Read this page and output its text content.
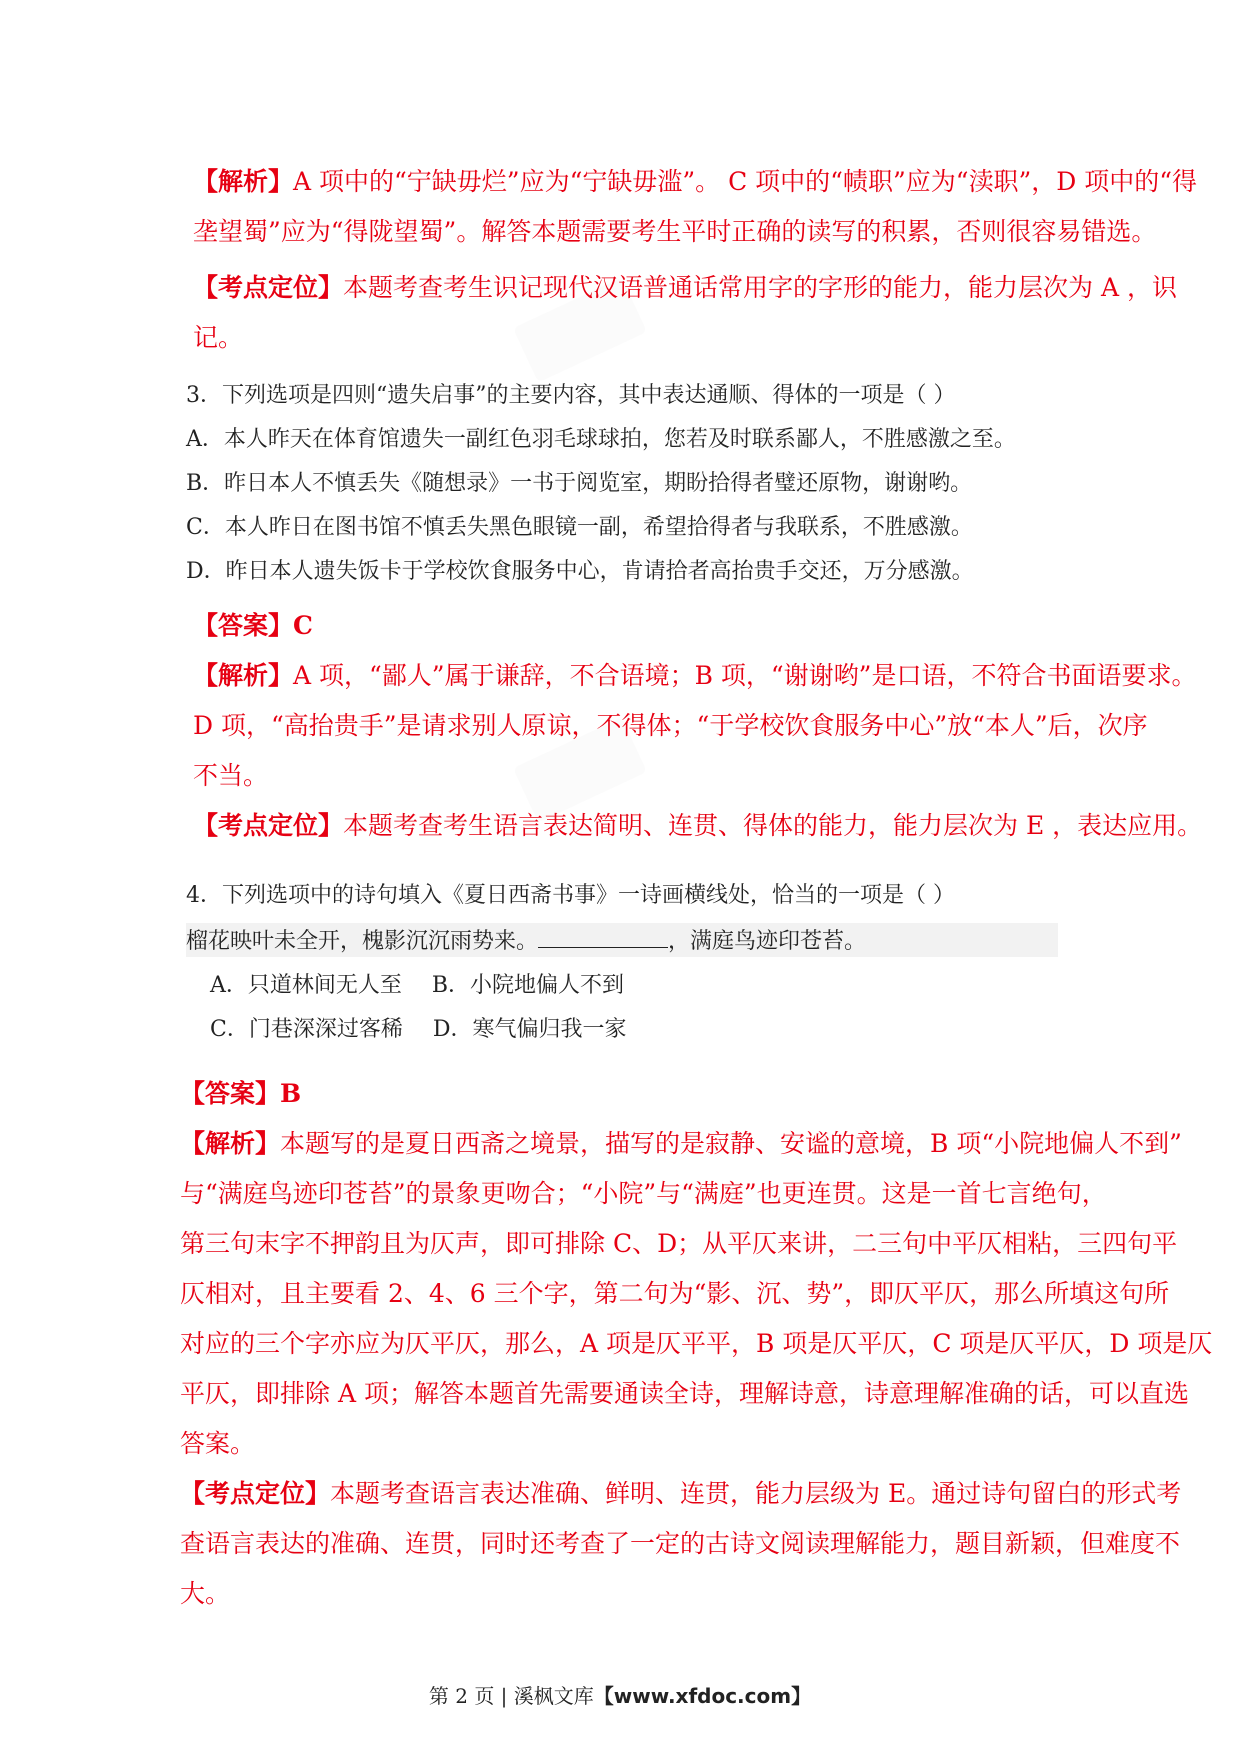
【解析】A 项中的“宁缺毋烂”应为“宁缺毋滥”。 C 项中的“帻职”应为“渎职”，D 项中的“得
垄望蜀”应为“得陇望蜀”。解答本题需要考生平时正确的读写的积累，否则很容易错选。
【考点定位】本题考查考生识记现代汉语普通话常用字的字形的能力，能力层次为 A ，识
记。
3．下列选项是四则“遗失启事”的主要内容，其中表达通顺、得体的一项是（ ）
A．本人昨天在体育馆遗失一副红色羽毛球球拍，您若及时联系鄙人，不胜感激之至。
B．昨日本人不慎丢失《随想录》一书于阅览室，期盼拾得者璧还原物，谢谢哟。
C．本人昨日在图书馆不慎丢失黑色眼镜一副，希望拾得者与我联系，不胜感激。
D．昨日本人遗失饭卡于学校饮食服务中心，肯请拾者高抬贵手交还，万分感激。
【答案】C
【解析】A 项，“鄙人”属于谦辞，不合语境；B 项，“谢谢哟”是口语，不符合书面语要求。
D 项，“高抬贵手”是请求别人原谅，不得体；“于学校饮食服务中心”放“本人”后，次序
不当。
【考点定位】本题考查考生语言表达简明、连贯、得体的能力，能力层次为 E ，表达应用。
4．下列选项中的诗句填入《夏日西斋书事》一诗画横线处，恰当的一项是（ ）
榴花映叶未全开，槐影沉沉雨势来。	，满庭鸟迹印苍苔。
A．只道林间无人至 B．小院地偏人不到
C．门巷深深过客稀 D．寒气偏归我一家
【答案】B
【解析】本题写的是夏日西斋之境景，描写的是寂静、安谧的意境，B 项“小院地偏人不到”
与“满庭鸟迹印苍苔”的景象更吻合；“小院”与“满庭”也更连贯。这是一首七言绝句，
第三句末字不押韵且为仄声，即可排除 C、D；从平仄来讲，二三句中平仄相粘，三四句平
仄相对，且主要看 2、4、6 三个字，第二句为“影、沉、势”，即仄平仄，那么所填这句所
对应的三个字亦应为仄平仄，那么，A 项是仄平平，B 项是仄平仄，C 项是仄平仄，D 项是仄
平仄，即排除 A 项；解答本题首先需要通读全诗，理解诗意，诗意理解准确的话，可以直选
答案。
【考点定位】本题考查语言表达准确、鲜明、连贯，能力层级为 E。通过诗句留白的形式考
查语言表达的准确、连贯，同时还考查了一定的古诗文阅读理解能力，题目新颖，但难度不
大。
第 2 页 | 溪枫文库【www.xfdoc.com】
